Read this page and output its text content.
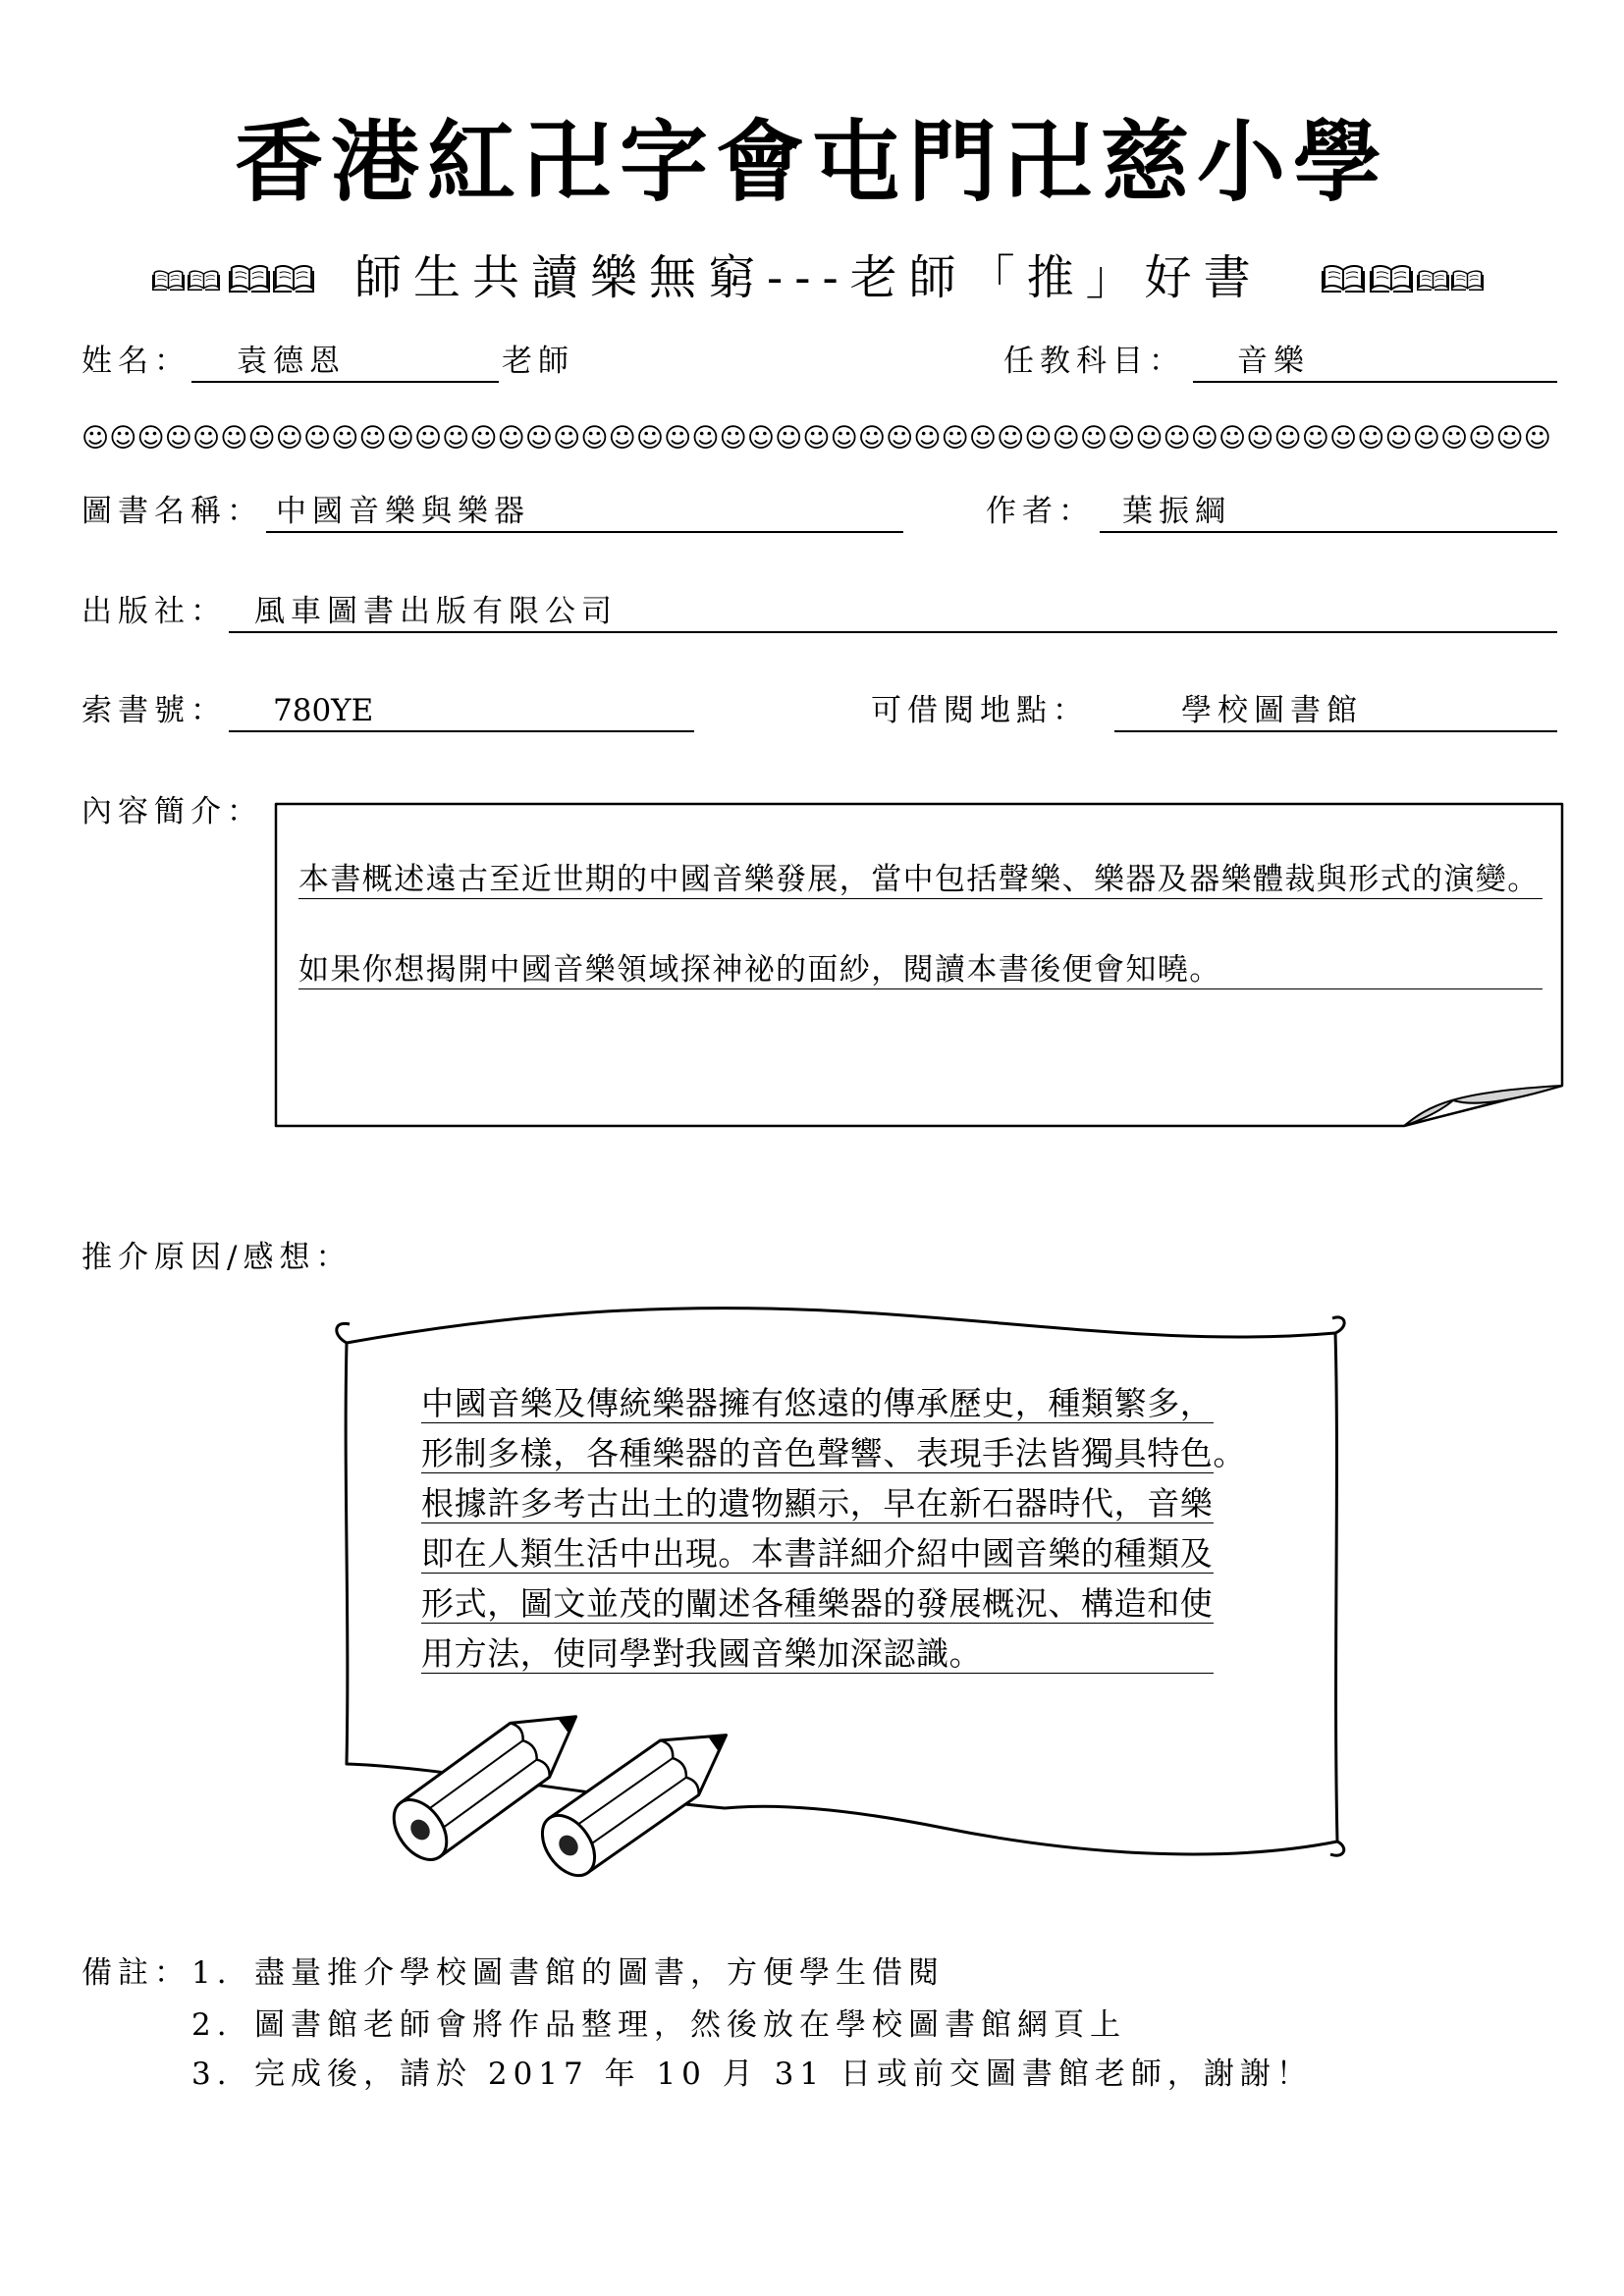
香港紅卍字會屯門卍慈小學
師生共讀樂無窮---老師「推」好書
姓名：	袁德恩	老師	任教科目：	音樂
☺☺☺☺☺☺☺☺☺☺☺☺☺☺☺☺☺☺☺☺☺☺☺☺☺☺☺☺☺☺☺☺☺☺☺☺☺☺☺☺☺☺☺☺☺☺☺☺☺☺☺☺☺
圖書名稱： 中國音樂與樂器	作者： 葉振綱
出版社： 風車圖書出版有限公司
索書號：	780YE	可借閱地點：	學校圖書館
內容簡介：
本書概述遠古至近世期的中國音樂發展，當中包括聲樂、樂器及器樂體裁與形式的演變。
如果你想揭開中國音樂領域探神祕的面紗，閱讀本書後便會知曉。
推介原因/感想：
中國音樂及傳統樂器擁有悠遠的傳承歷史，種類繁多，
形制多樣，各種樂器的音色聲響、表現手法皆獨具特色。
根據許多考古出土的遺物顯示，早在新石器時代，音樂
即在人類生活中出現。本書詳細介紹中國音樂的種類及
形式，圖文並茂的闡述各種樂器的發展概況、構造和使
用方法，使同學對我國音樂加深認識。
備註： 1. 盡量推介學校圖書館的圖書，方便學生借閱
2. 圖書館老師會將作品整理，然後放在學校圖書館網頁上
3. 完成後，請於 2017 年 10 月 31 日或前交圖書館老師，謝謝！
